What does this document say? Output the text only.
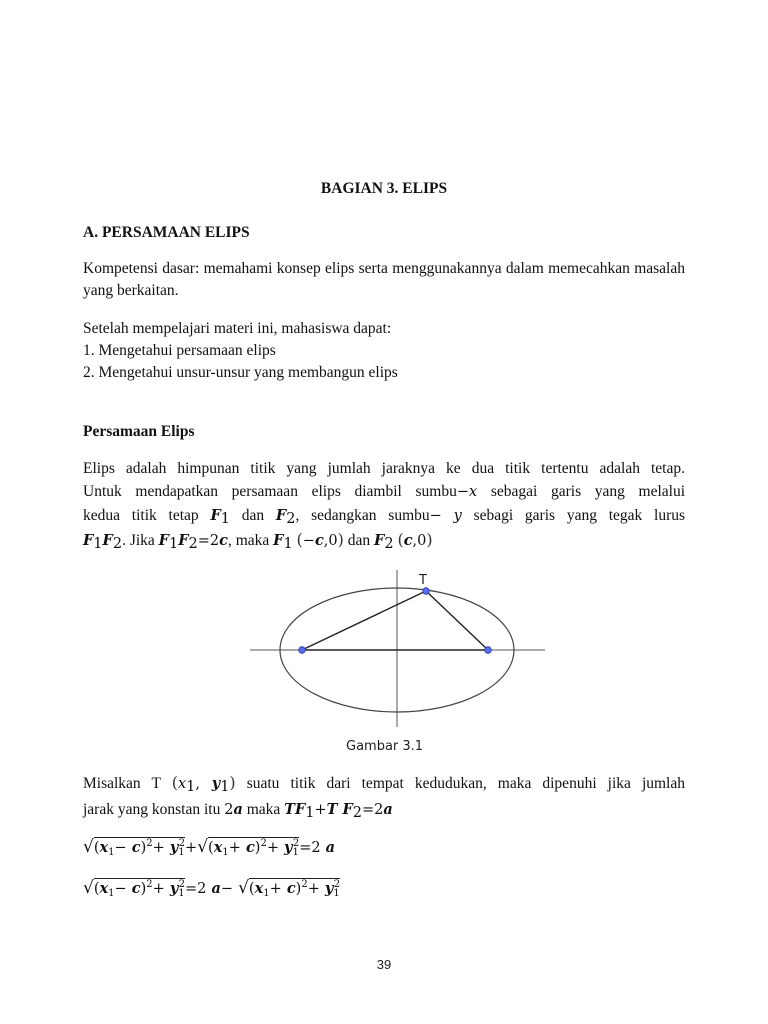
BAGIAN 3. ELIPS
A. PERSAMAAN ELIPS
Kompetensi dasar: memahami konsep elips serta menggunakannya dalam memecahkan masalah yang berkaitan.
Setelah mempelajari materi ini, mahasiswa dapat:
1. Mengetahui persamaan elips
2. Mengetahui unsur-unsur yang membangun elips
Persamaan Elips
Elips adalah himpunan titik yang jumlah jaraknya ke dua titik tertentu adalah tetap.
Untuk mendapatkan persamaan elips diambil sumbu−x sebagai garis yang melalui
kedua titik tetap $F_1$ dan $F_2$, sedangkan sumbu− y sebagi garis yang tegak lurus
$F_1F_2$. Jika $F_1F_2=2c$, maka $F_1$ (−c,0) dan $F_2$ (c,0)
T
Gambar 3.1
Misalkan T ($x_1$, $y_1$) suatu titik dari tempat kedudukan, maka dipenuhi jika jumlah
jarak yang konstan itu 2a maka $TF_1+T$ $F_2=2a$
$√(x_1- c)^2+ y_1^2+√(x_1+ c)^2+ y_1^2=2$ a
$√(x_1- c)^2+ y_1^2=2$ $a- √(x_1+ c)^2+ y_1^2$
39
